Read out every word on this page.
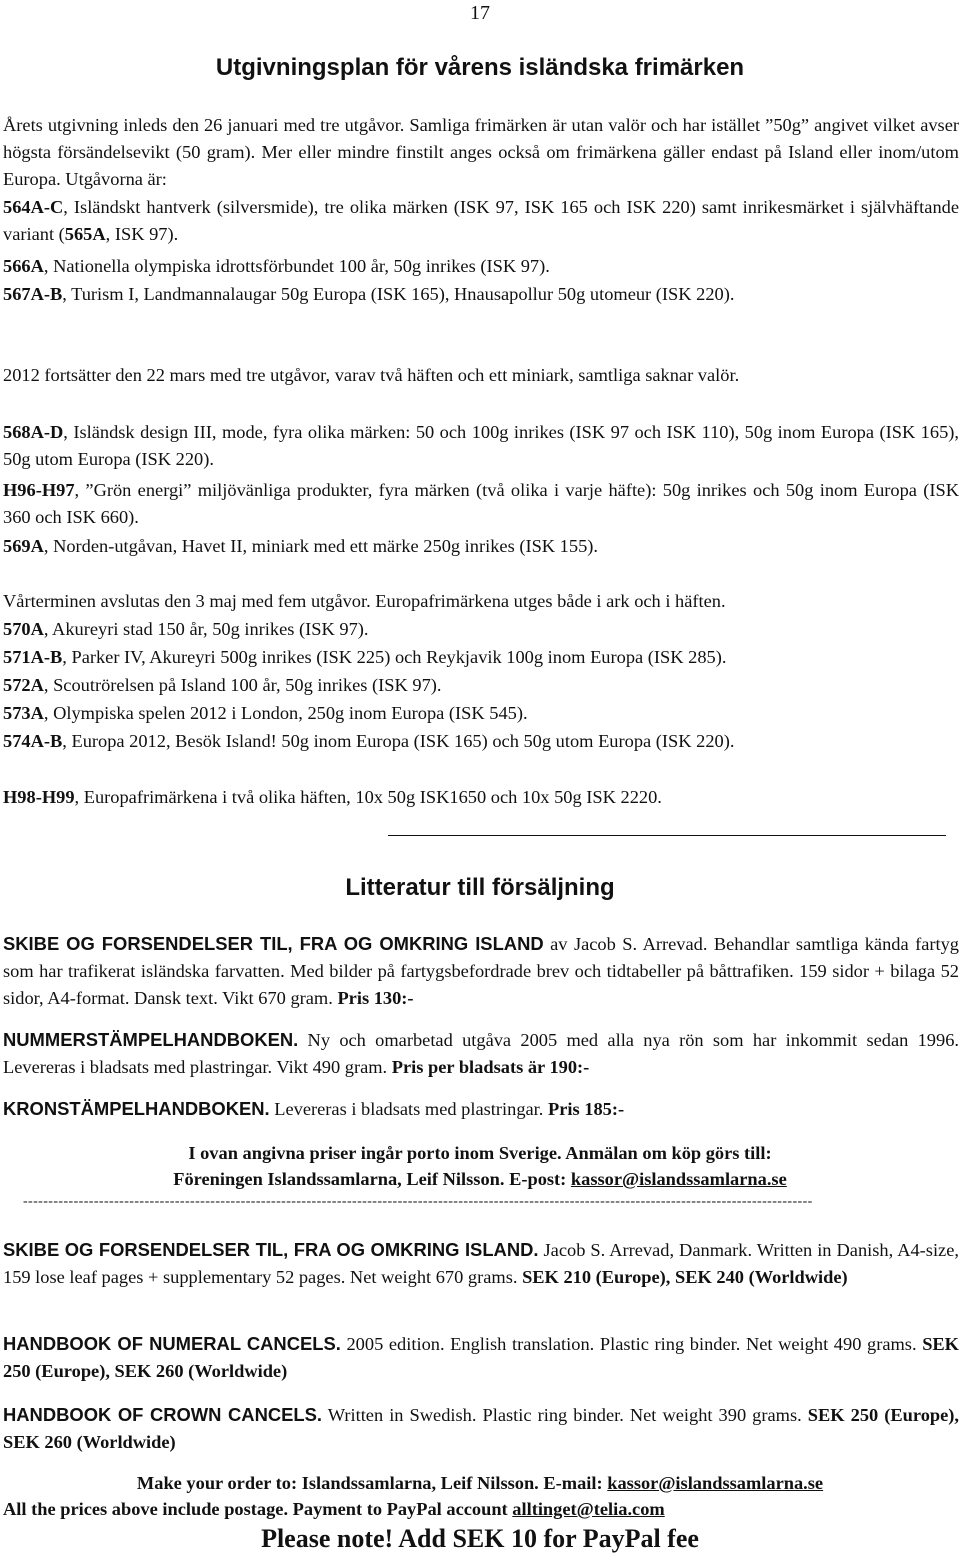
17
Utgivningsplan för vårens isländska frimärken

Årets utgivning inleds den 26 januari med tre utgåvor. Samliga frimärken är utan valör och har istället ”50g” angivet vilket avser högsta försändelsevikt (50 gram). Mer eller mindre finstilt anges också om frimärkena gäller endast på Island eller inom/utom Europa. Utgåvorna är:

564A-C, Isländskt hantverk (silversmide), tre olika märken (ISK 97, ISK 165 och ISK 220) samt inrikesmärket i självhäftande variant (565A, ISK 97).

566A, Nationella olympiska idrottsförbundet 100 år, 50g inrikes (ISK 97).

567A-B, Turism I, Landmannalaugar 50g Europa (ISK 165), Hnausapollur 50g utomeur (ISK 220).

2012 fortsätter den 22 mars med tre utgåvor, varav två häften och ett miniark, samtliga saknar valör.

568A-D, Isländsk design III, mode, fyra olika märken: 50 och 100g inrikes (ISK 97 och ISK 110), 50g inom Europa (ISK 165), 50g utom Europa (ISK 220).

H96-H97, ”Grön energi” miljövänliga produkter, fyra märken (två olika i varje häfte): 50g inrikes och 50g inom Europa (ISK 360 och ISK 660).

569A, Norden-utgåvan, Havet II, miniark med ett märke 250g inrikes (ISK 155).

Vårterminen avslutas den 3 maj med fem utgåvor. Europafrimärkena utges både i ark och i häften.

570A, Akureyri stad 150 år, 50g inrikes (ISK 97).

571A-B, Parker IV, Akureyri 500g inrikes (ISK 225) och Reykjavik 100g inom Europa (ISK 285).

572A, Scoutrörelsen på Island 100 år, 50g inrikes (ISK 97).

573A, Olympiska spelen 2012 i London, 250g inom Europa (ISK 545).

574A-B, Europa 2012, Besök Island! 50g inom Europa (ISK 165) och 50g utom Europa (ISK 220).

H98-H99, Europafrimärkena i två olika häften, 10x 50g ISK1650 och 10x 50g ISK 2220.

Litteratur till försäljning

SKIBE OG FORSENDELSER TIL, FRA OG OMKRING ISLAND av Jacob S. Arrevad. Behandlar samtliga kända fartyg som har trafikerat isländska farvatten. Med bilder på fartygsbefordrade brev och tidtabeller på båttrafiken. 159 sidor + bilaga 52 sidor, A4-format. Dansk text. Vikt 670 gram. Pris 130:-

NUMMERSTÄMPELHANDBOKEN. Ny och omarbetad utgåva 2005 med alla nya rön som har inkommit sedan 1996. Levereras i bladsats med plastringar. Vikt 490 gram. Pris per bladsats är 190:-

KRONSTÄMPELHANDBOKEN. Levereras i bladsats med plastringar. Pris 185:-

I ovan angivna priser ingår porto inom Sverige. Anmälan om köp görs till:

Föreningen Islandssamlarna, Leif Nilsson. E-post: kassor@islandssamlarna.se

------------------------------------------------------------------------------------------------------------------------------------------------------------

SKIBE OG FORSENDELSER TIL, FRA OG OMKRING ISLAND. Jacob S. Arrevad, Danmark. Written in Danish, A4-size, 159 lose leaf pages + supplementary 52 pages. Net weight 670 grams. SEK 210 (Europe), SEK 240 (Worldwide)

HANDBOOK OF NUMERAL CANCELS. 2005 edition. English translation. Plastic ring binder. Net weight 490 grams. SEK 250 (Europe), SEK 260 (Worldwide)

HANDBOOK OF CROWN CANCELS. Written in Swedish. Plastic ring binder. Net weight 390 grams. SEK 250 (Europe), SEK 260 (Worldwide)

Make your order to: Islandssamlarna, Leif Nilsson. E-mail: kassor@islandssamlarna.se

All the prices above include postage. Payment to PayPal account alltinget@telia.com

Please note! Add SEK 10 for PayPal fee
